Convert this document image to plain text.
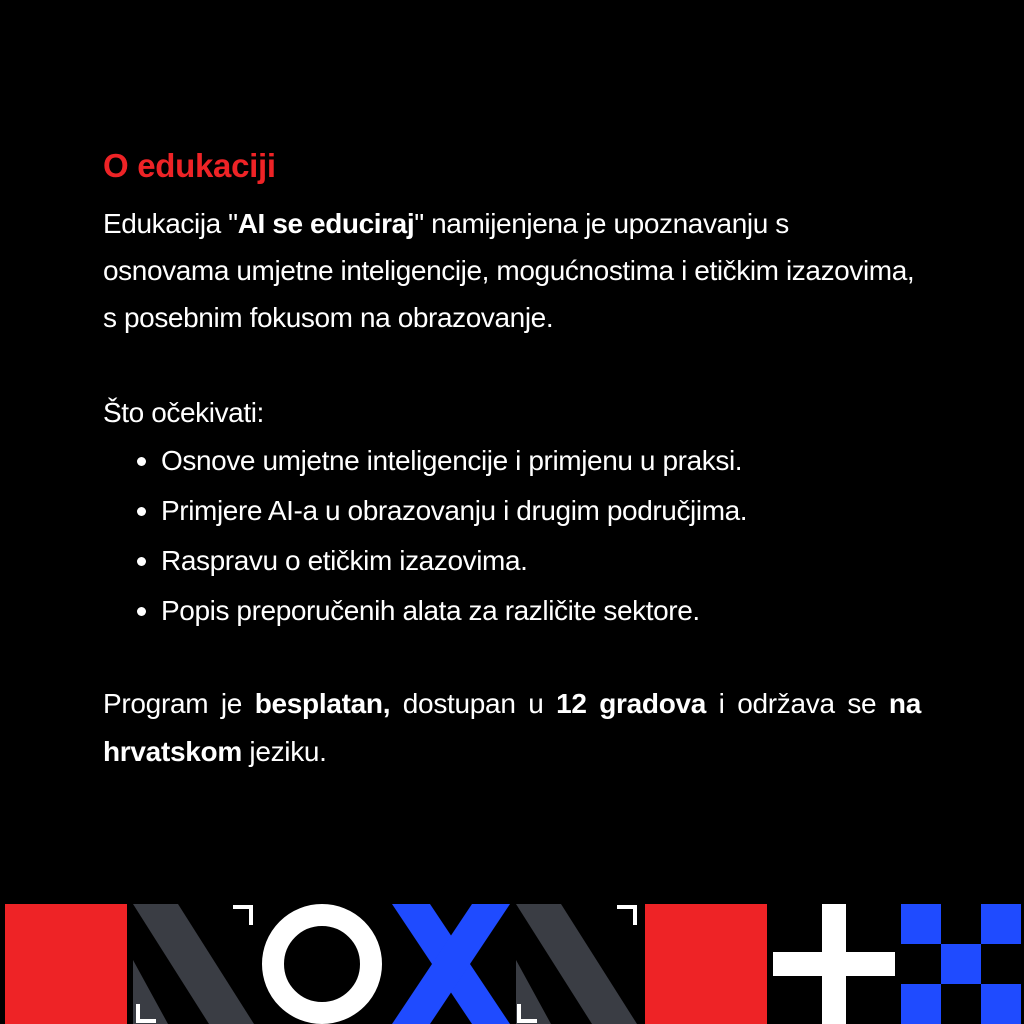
O edukaciji

Edukacija "AI se educiraj" namijenjena je upoznavanju s osnovama umjetne inteligencije, mogućnostima i etičkim izazovima, s posebnim fokusom na obrazovanje.

Što očekivati:

Osnove umjetne inteligencije i primjenu u praksi.
Primjere AI-a u obrazovanju i drugim područjima.
Raspravu o etičkim izazovima.
Popis preporučenih alata za različite sektore.

Program je besplatan, dostupan u 12 gradova i održava se na hrvatskom jeziku.
